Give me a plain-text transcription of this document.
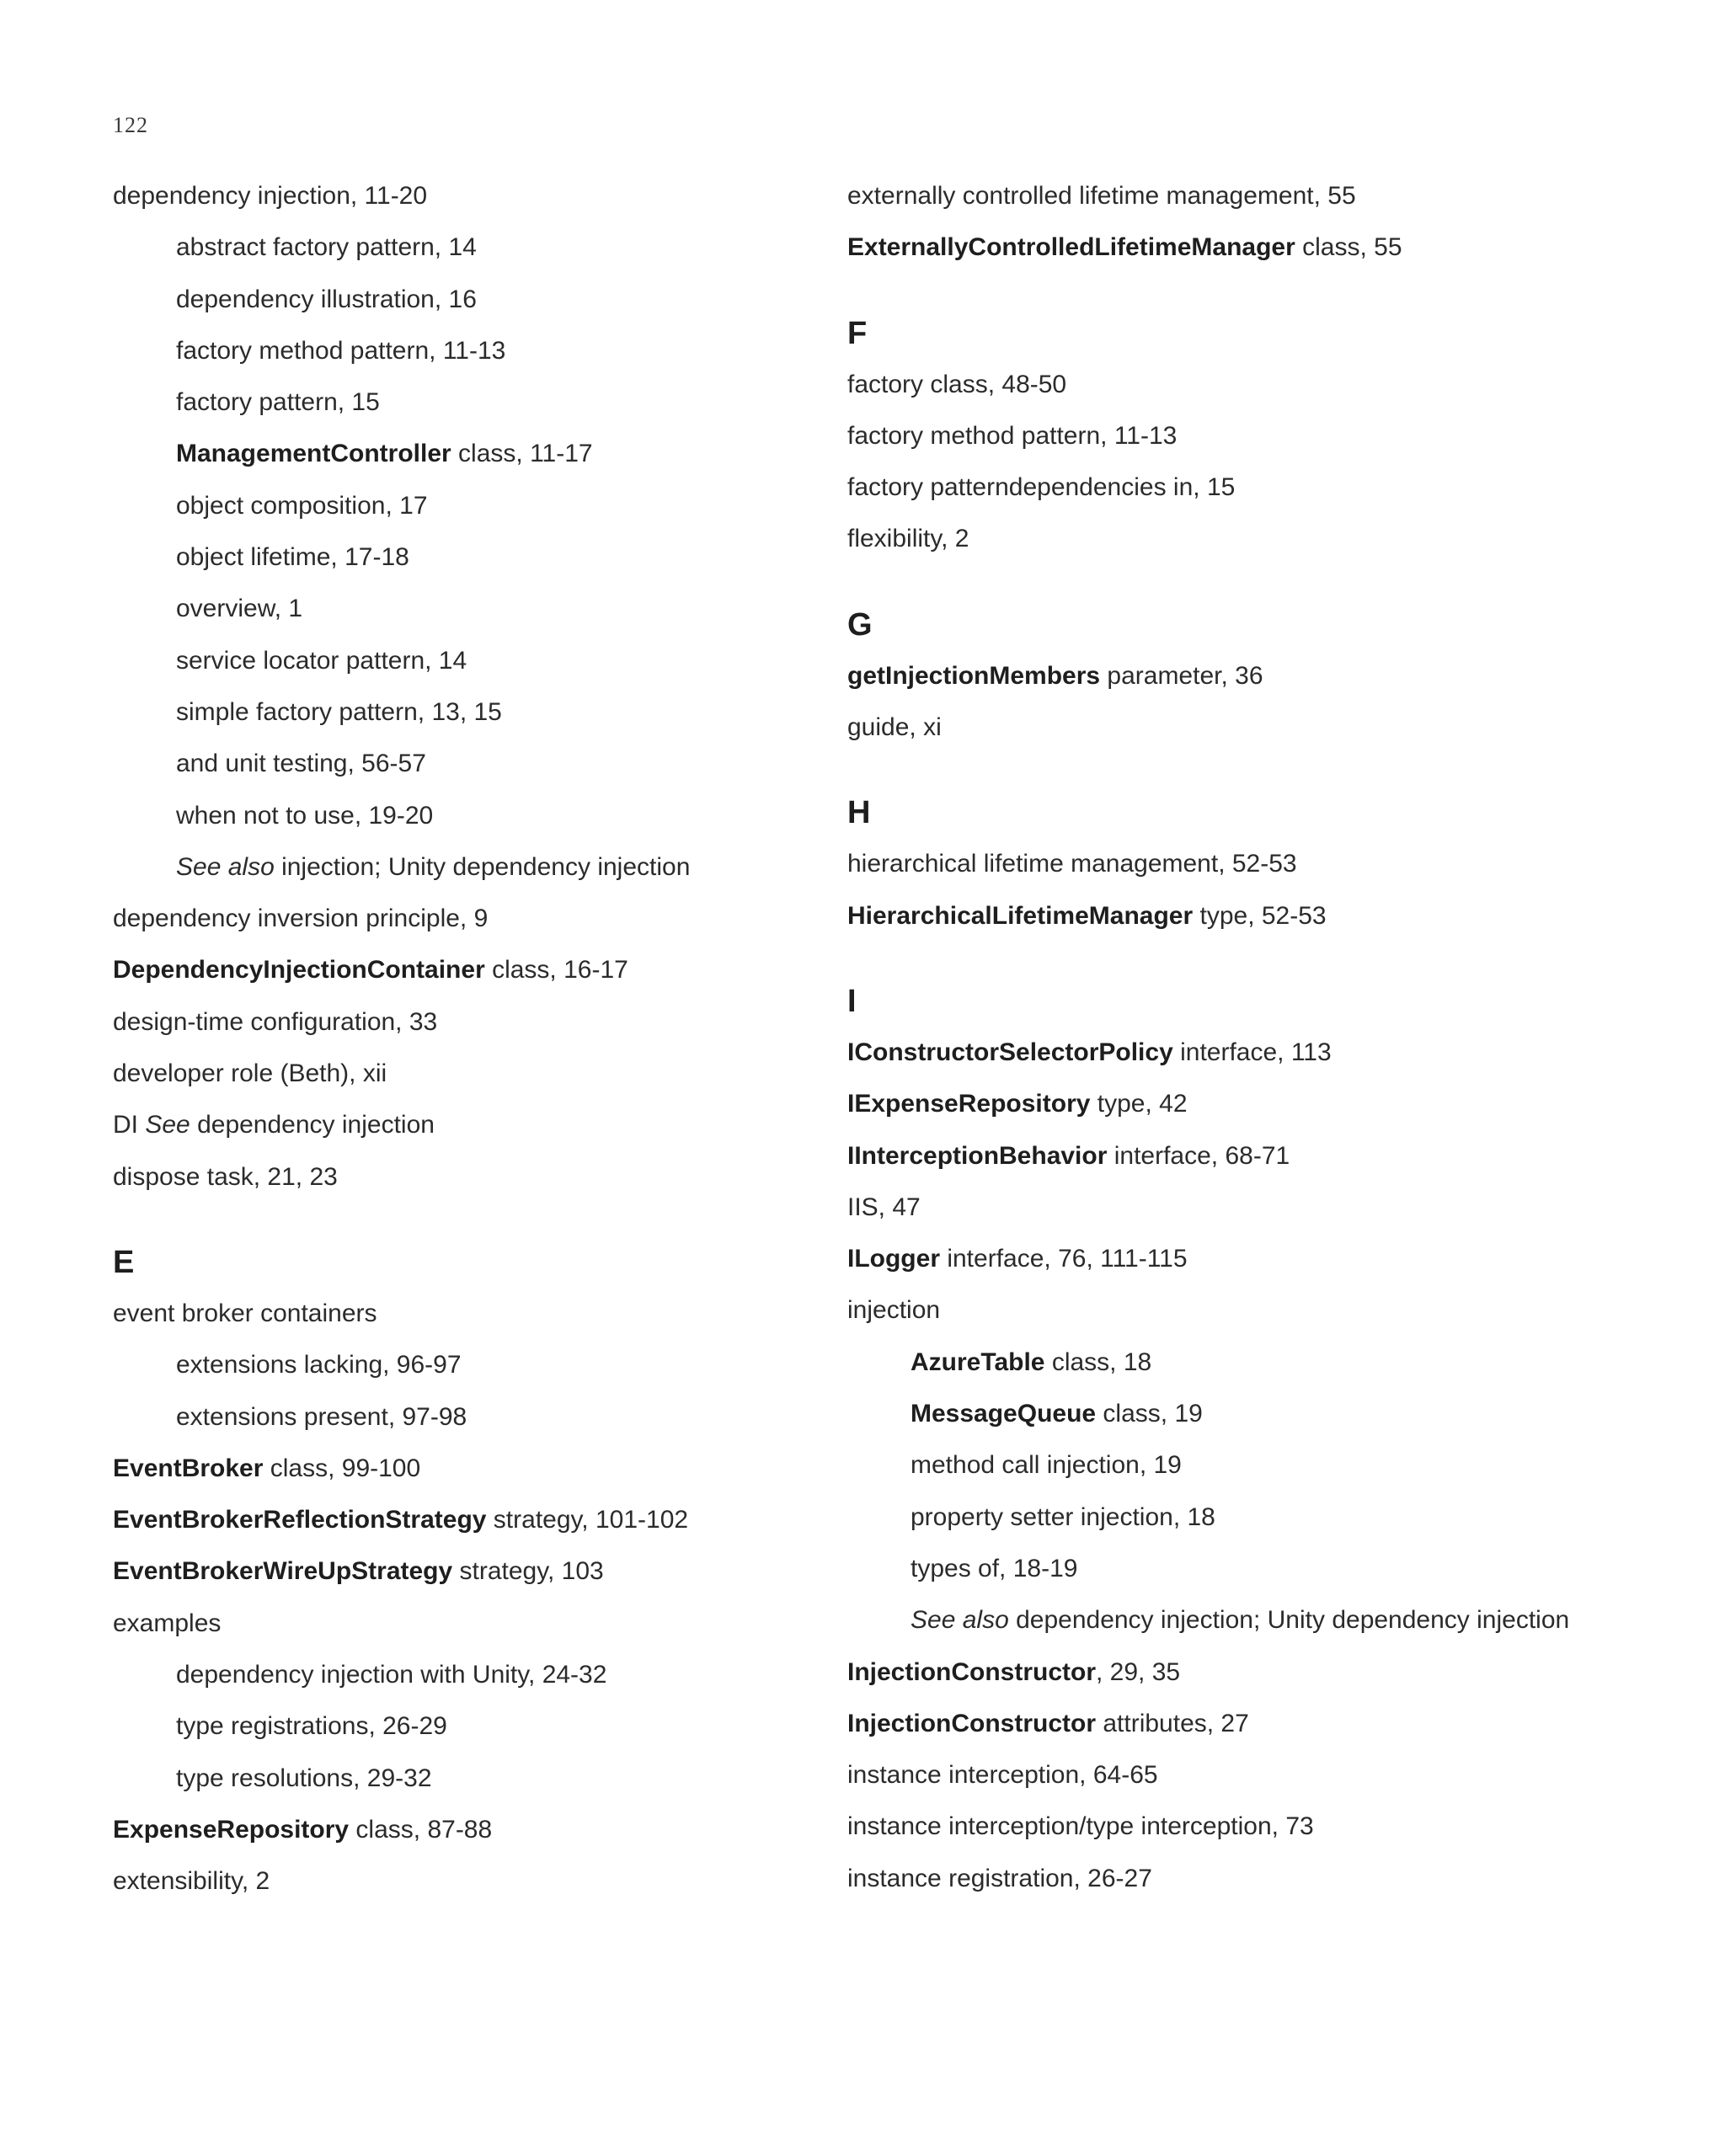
122
dependency injection, 11-20
abstract factory pattern, 14
dependency illustration, 16
factory method pattern, 11-13
factory pattern, 15
ManagementController class, 11-17
object composition, 17
object lifetime, 17-18
overview, 1
service locator pattern, 14
simple factory pattern, 13, 15
and unit testing, 56-57
when not to use, 19-20
See also injection; Unity dependency injection
dependency inversion principle, 9
DependencyInjectionContainer class, 16-17
design-time configuration, 33
developer role (Beth), xii
DI See dependency injection
dispose task, 21, 23
E
event broker containers
extensions lacking, 96-97
extensions present, 97-98
EventBroker class, 99-100
EventBrokerReflectionStrategy strategy, 101-102
EventBrokerWireUpStrategy strategy, 103
examples
dependency injection with Unity, 24-32
type registrations, 26-29
type resolutions, 29-32
ExpenseRepository class, 87-88
extensibility, 2
externally controlled lifetime management, 55
ExternallyControlledLifetimeManager class, 55
F
factory class, 48-50
factory method pattern, 11-13
factory patterndependencies in, 15
flexibility, 2
G
getInjectionMembers parameter, 36
guide, xi
H
hierarchical lifetime management, 52-53
HierarchicalLifetimeManager type, 52-53
I
IConstructorSelectorPolicy interface, 113
IExpenseRepository type, 42
IInterceptionBehavior interface, 68-71
IIS, 47
ILogger interface, 76, 111-115
injection
AzureTable class, 18
MessageQueue class, 19
method call injection, 19
property setter injection, 18
types of, 18-19
See also dependency injection; Unity dependency injection
InjectionConstructor, 29, 35
InjectionConstructor attributes, 27
instance interception, 64-65
instance interception/type interception, 73
instance registration, 26-27
